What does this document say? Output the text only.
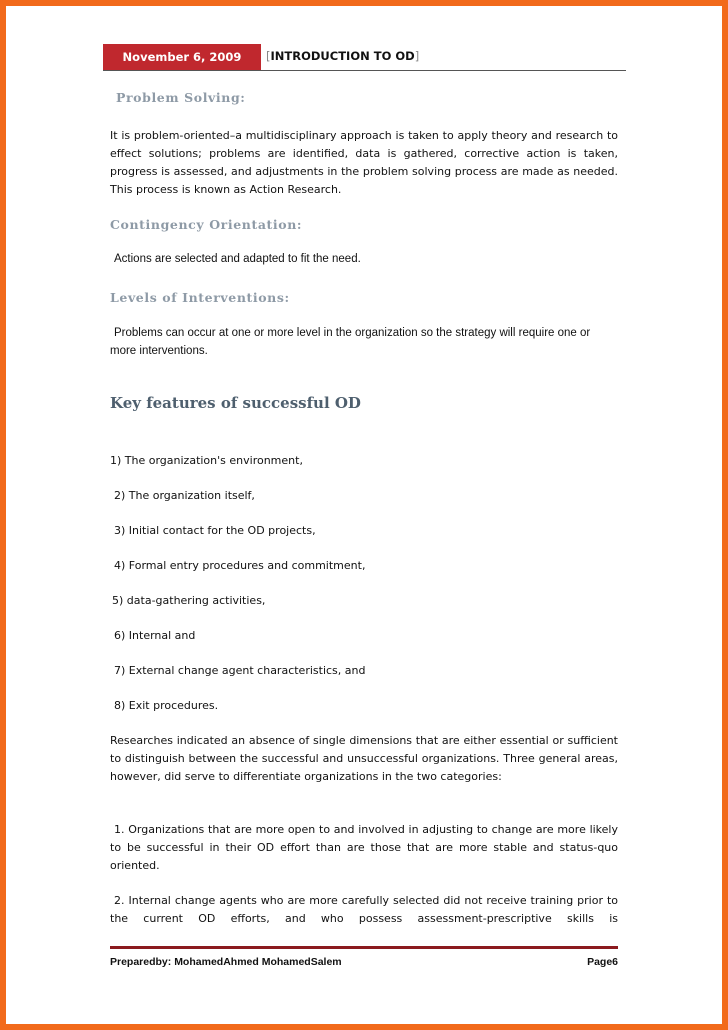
November 6, 2009	[INTRODUCTION TO OD]
Problem Solving:

It is problem-oriented–a multidisciplinary approach is taken to apply theory and research to effect solutions; problems are identified, data is gathered, corrective action is taken, progress is assessed, and adjustments in the problem solving process are made as needed. This process is known as Action Research.

Contingency Orientation:

Actions are selected and adapted to fit the need.

Levels of Interventions:

Problems can occur at one or more level in the organization so the strategy will require one or more interventions.

Key features of successful OD

1) The organization's environment,

2) The organization itself,

3) Initial contact for the OD projects,

4) Formal entry procedures and commitment,

5) data-gathering activities,

6) Internal and

7) External change agent characteristics, and

8) Exit procedures.

Researches indicated an absence of single dimensions that are either essential or sufficient to distinguish between the successful and unsuccessful organizations. Three general areas, however, did serve to differentiate organizations in the two categories:

1. Organizations that are more open to and involved in adjusting to change are more likely to be successful in their OD effort than are those that are more stable and status-quo oriented.

2. Internal change agents who are more carefully selected did not receive training prior to the current OD efforts, and who possess assessment-prescriptive skills is

Preparedby: MohamedAhmed MohamedSalem	Page6
